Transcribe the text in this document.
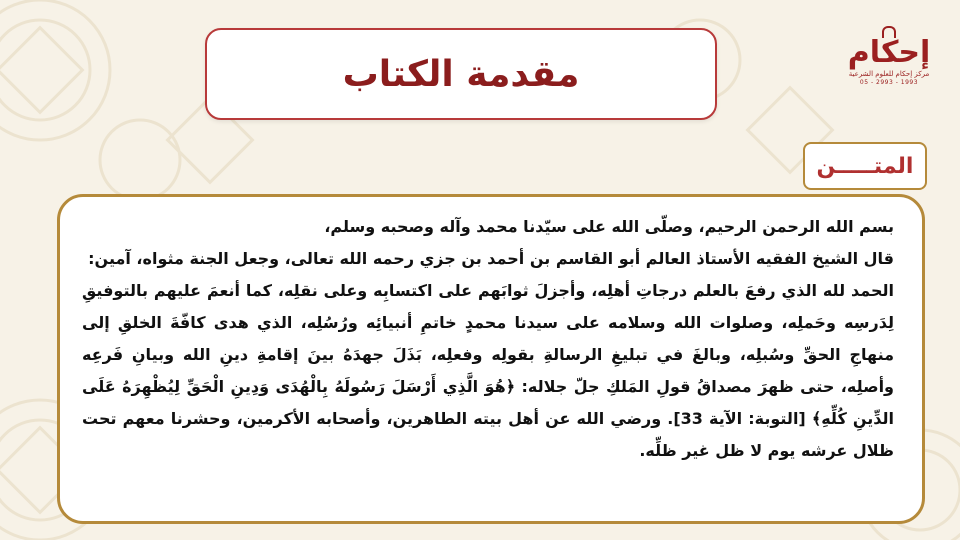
مقدمة الكتاب
إحكام
مركز إحكام للعلوم الشرعية
05 - 2993 - 1993
المتـــــن

بسم الله الرحمن الرحيم، وصلّى الله على سيّدنا محمد وآله وصحبه وسلم،

قال الشيخ الفقيه الأستاذ العالم أبو القاسم بن أحمد بن جزي رحمه الله تعالى، وجعل الجنة مثواه، آمين:

الحمد لله الذي رفعَ بالعلم درجاتِ أهلِه، وأجزلَ ثوابَهم على اكتسابِه وعلى نقلِه، كما أنعمَ عليهم بالتوفيقِ لِدَرسِه وحَملِه، وصلوات الله وسلامه على سيدنا محمدٍ خاتمِ أنبيائِه ورُسُلِه، الذي هدى كافّةَ الخلقِ إلى منهاجِ الحقِّ وسُبلِه، وبالغَ في تبليغِ الرسالةِ بقولِه وفعلِه، بَذَلَ جهدَهُ بينَ إقامةِ دينِ الله وبيانِ فَرعِه وأصلِه، حتى ظهرَ مصداقُ قولِ المَلكِ جلّ جلاله: ﴿هُوَ الَّذِي أَرْسَلَ رَسُولَهُ بِالْهُدَى وَدِينِ الْحَقِّ لِيُظْهِرَهُ عَلَى الدِّينِ كُلِّهِ﴾ [التوبة: الآية 33]. ورضي الله عن أهل بيته الطاهرين، وأصحابه الأكرمين، وحشرنا معهم تحت ظلال عرشه يوم لا ظل غير ظلِّه.
